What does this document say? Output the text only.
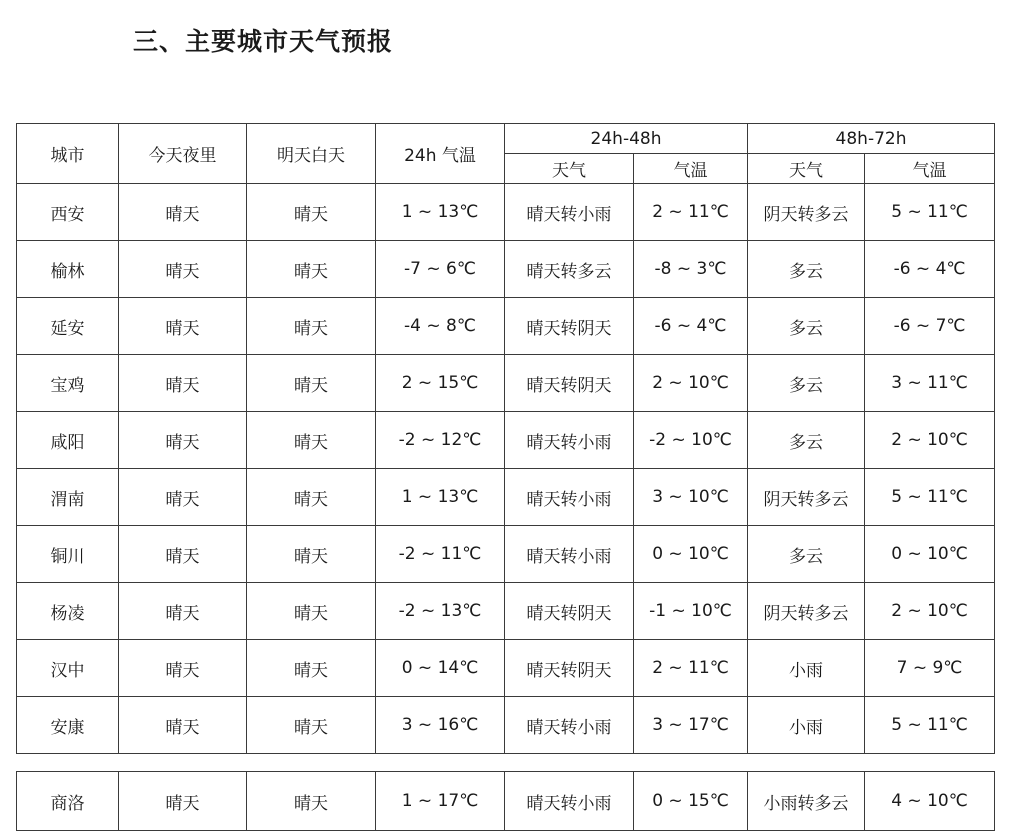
三、主要城市天气预报
城市	今天夜里	明天白天	24h 气温	24h-48h		48h-72h	
				天气	气温	天气	气温
西安	晴天	晴天	1 ~ 13℃	晴天转小雨	2 ~ 11℃	阴天转多云	5 ~ 11℃
榆林	晴天	晴天	-7 ~ 6℃	晴天转多云	-8 ~ 3℃	多云	-6 ~ 4℃
延安	晴天	晴天	-4 ~ 8℃	晴天转阴天	-6 ~ 4℃	多云	-6 ~ 7℃
宝鸡	晴天	晴天	2 ~ 15℃	晴天转阴天	2 ~ 10℃	多云	3 ~ 11℃
咸阳	晴天	晴天	-2 ~ 12℃	晴天转小雨	-2 ~ 10℃	多云	2 ~ 10℃
渭南	晴天	晴天	1 ~ 13℃	晴天转小雨	3 ~ 10℃	阴天转多云	5 ~ 11℃
铜川	晴天	晴天	-2 ~ 11℃	晴天转小雨	0 ~ 10℃	多云	0 ~ 10℃
杨凌	晴天	晴天	-2 ~ 13℃	晴天转阴天	-1 ~ 10℃	阴天转多云	2 ~ 10℃
汉中	晴天	晴天	0 ~ 14℃	晴天转阴天	2 ~ 11℃	小雨	7 ~ 9℃
安康	晴天	晴天	3 ~ 16℃	晴天转小雨	3 ~ 17℃	小雨	5 ~ 11℃
商洛	晴天	晴天	1 ~ 17℃	晴天转小雨	0 ~ 15℃	小雨转多云	4 ~ 10℃
